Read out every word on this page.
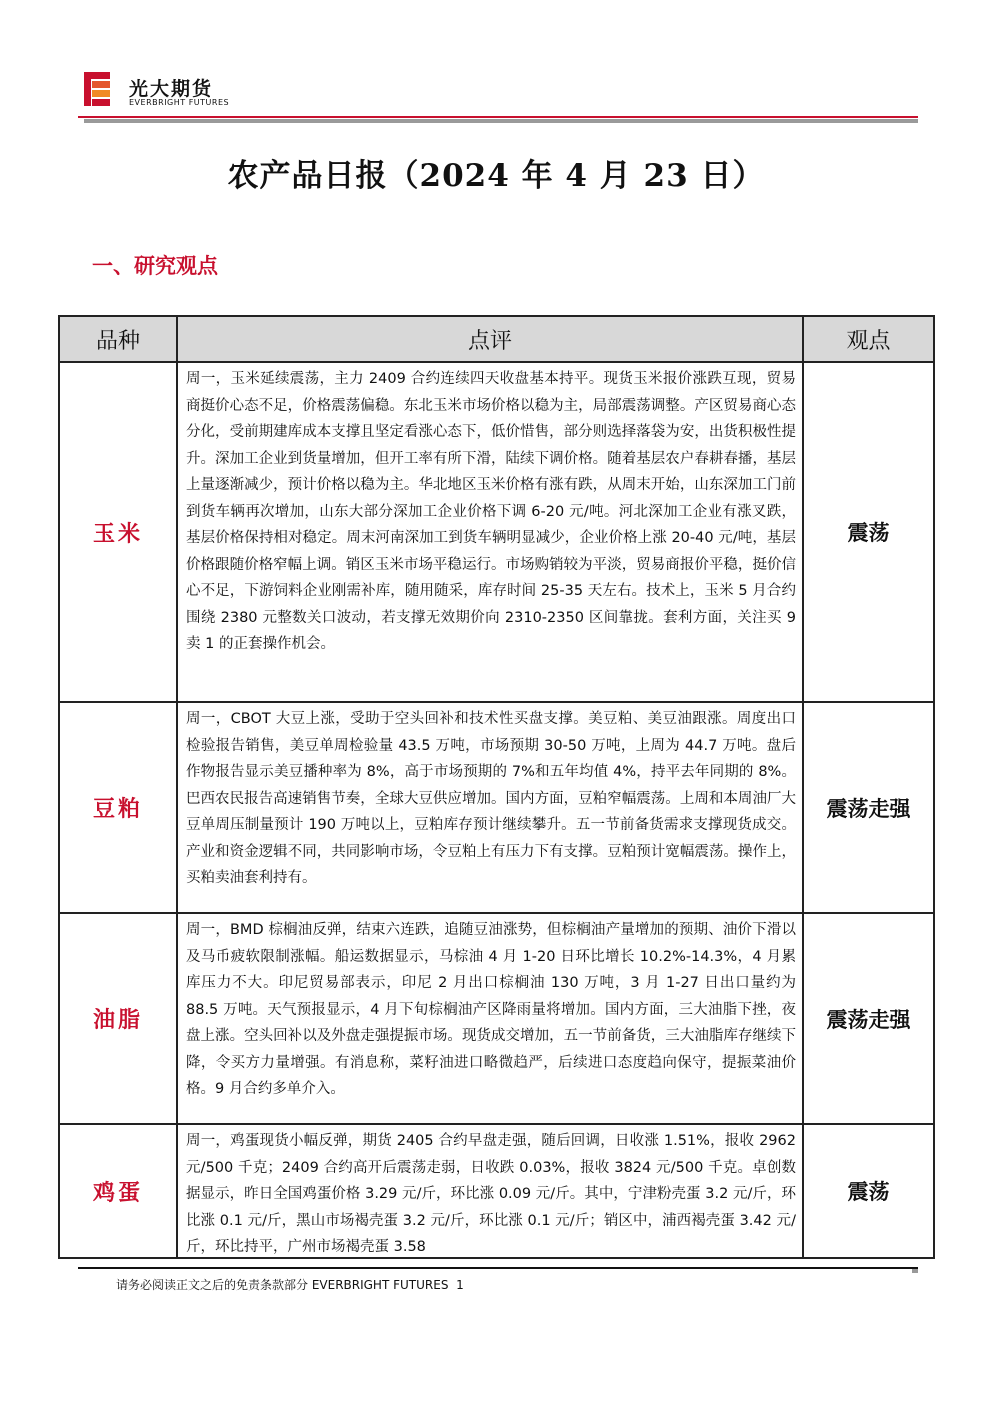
光大期货
EVERBRIGHT FUTURES
农产品日报（2024 年 4 月 23 日）
一、研究观点
品种	点评	观点
玉米	周一，玉米延续震荡，主力 2409 合约连续四天收盘基本持平。现货玉米报价涨跌互现，贸易商挺价心态不足，价格震荡偏稳。东北玉米市场价格以稳为主，局部震荡调整。产区贸易商心态分化，受前期建库成本支撑且坚定看涨心态下，低价惜售，部分则选择落袋为安，出货积极性提升。深加工企业到货量增加，但开工率有所下滑，陆续下调价格。随着基层农户春耕春播，基层上量逐渐减少，预计价格以稳为主。华北地区玉米价格有涨有跌，从周末开始，山东深加工门前到货车辆再次增加，山东大部分深加工企业价格下调 6-20 元/吨。河北深加工企业有涨叉跌，基层价格保持相对稳定。周末河南深加工到货车辆明显减少，企业价格上涨 20-40 元/吨，基层价格跟随价格窄幅上调。销区玉米市场平稳运行。市场购销较为平淡，贸易商报价平稳，挺价信心不足，下游饲料企业刚需补库，随用随采，库存时间 25-35 天左右。技术上，玉米 5 月合约围绕 2380 元整数关口波动，若支撑无效期价向 2310-2350 区间靠拢。套利方面，关注买 9 卖 1 的正套操作机会。	震荡
豆粕	周一，CBOT 大豆上涨，受助于空头回补和技术性买盘支撑。美豆粕、美豆油跟涨。周度出口检验报告销售，美豆单周检验量 43.5 万吨，市场预期 30-50 万吨，上周为 44.7 万吨。盘后作物报告显示美豆播种率为 8%，高于市场预期的 7%和五年均值 4%，持平去年同期的 8%。巴西农民报告高速销售节奏，全球大豆供应增加。国内方面，豆粕窄幅震荡。上周和本周油厂大豆单周压制量预计 190 万吨以上，豆粕库存预计继续攀升。五一节前备货需求支撑现货成交。产业和资金逻辑不同，共同影响市场，令豆粕上有压力下有支撑。豆粕预计宽幅震荡。操作上，买粕卖油套利持有。	震荡走强
油脂	周一，BMD 棕榈油反弹，结束六连跌，追随豆油涨势，但棕榈油产量增加的预期、油价下滑以及马币疲软限制涨幅。船运数据显示，马棕油 4 月 1-20 日环比增长 10.2%-14.3%，4 月累库压力不大。印尼贸易部表示，印尼 2 月出口棕榈油 130 万吨，3 月 1-27 日出口量约为 88.5 万吨。天气预报显示，4 月下旬棕榈油产区降雨量将增加。国内方面，三大油脂下挫，夜盘上涨。空头回补以及外盘走强提振市场。现货成交增加，五一节前备货，三大油脂库存继续下降，令买方力量增强。有消息称，菜籽油进口略微趋严，后续进口态度趋向保守，提振菜油价格。9 月合约多单介入。	震荡走强
鸡蛋	周一，鸡蛋现货小幅反弹，期货 2405 合约早盘走强，随后回调，日收涨 1.51%，报收 2962 元/500 千克；2409 合约高开后震荡走弱，日收跌 0.03%，报收 3824 元/500 千克。卓创数据显示，昨日全国鸡蛋价格 3.29 元/斤，环比涨 0.09 元/斤。其中，宁津粉壳蛋 3.2 元/斤，环比涨 0.1 元/斤，黑山市场褐壳蛋 3.2 元/斤，环比涨 0.1 元/斤；销区中，浦西褐壳蛋 3.42 元/斤，环比持平，广州市场褐壳蛋 3.58	震荡
请务必阅读正文之后的免责条款部分 EVERBRIGHT FUTURES 1
